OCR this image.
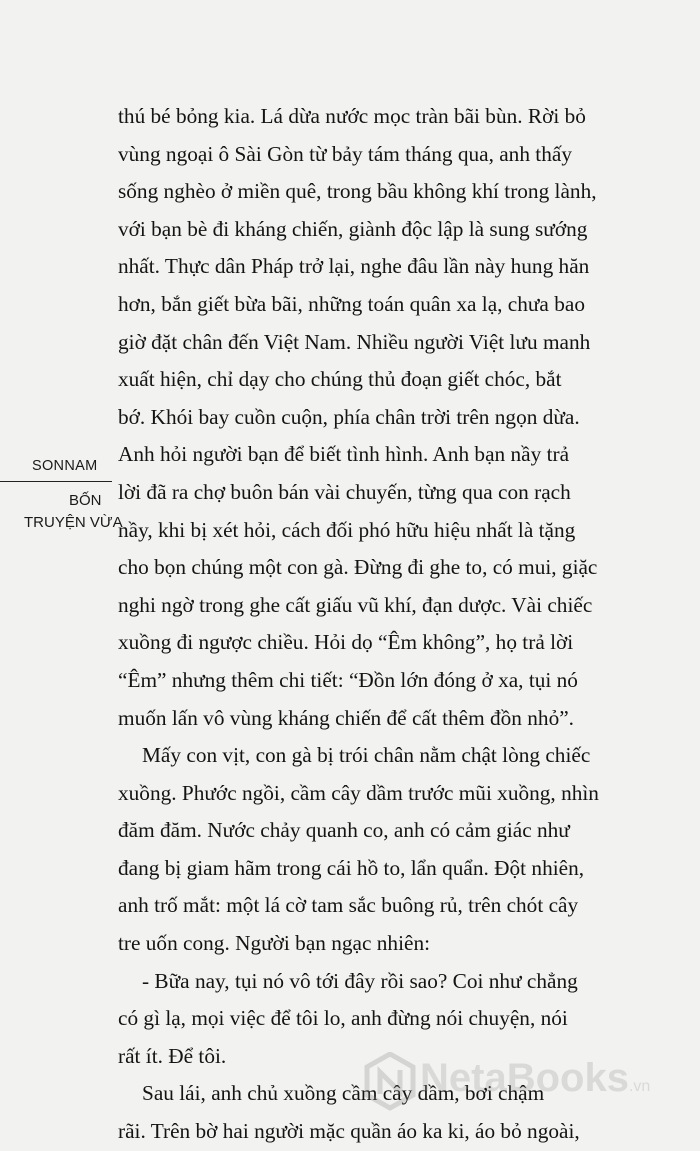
thú bé bỏng kia. Lá dừa nước mọc tràn bãi bùn. Rời bỏ
vùng ngoại ô Sài Gòn từ bảy tám tháng qua, anh thấy
sống nghèo ở miền quê, trong bầu không khí trong lành,
với bạn bè đi kháng chiến, giành độc lập là sung sướng
nhất. Thực dân Pháp trở lại, nghe đâu lần này hung hăn
hơn, bắn giết bừa bãi, những toán quân xa lạ, chưa bao
giờ đặt chân đến Việt Nam. Nhiều người Việt lưu manh
xuất hiện, chỉ dạy cho chúng thủ đoạn giết chóc, bắt
bớ. Khói bay cuồn cuộn, phía chân trời trên ngọn dừa.
Anh hỏi người bạn để biết tình hình. Anh bạn nầy trả
lời đã ra chợ buôn bán vài chuyến, từng qua con rạch
nầy, khi bị xét hỏi, cách đối phó hữu hiệu nhất là tặng
cho bọn chúng một con gà. Đừng đi ghe to, có mui, giặc
nghi ngờ trong ghe cất giấu vũ khí, đạn dược. Vài chiếc
xuồng đi ngược chiều. Hỏi dọ “Êm không”, họ trả lời
“Êm” nhưng thêm chi tiết: “Đồn lớn đóng ở xa, tụi nó
muốn lấn vô vùng kháng chiến để cất thêm đồn nhỏ”.
Mấy con vịt, con gà bị trói chân nằm chật lòng chiếc
xuồng. Phước ngồi, cầm cây dầm trước mũi xuồng, nhìn
đăm đăm. Nước chảy quanh co, anh có cảm giác như
đang bị giam hãm trong cái hồ to, lẩn quẩn. Đột nhiên,
anh trố mắt: một lá cờ tam sắc buông rủ, trên chót cây
tre uốn cong. Người bạn ngạc nhiên:
- Bữa nay, tụi nó vô tới đây rồi sao? Coi như chẳng
có gì lạ, mọi việc để tôi lo, anh đừng nói chuyện, nói
rất ít. Để tôi.
Sau lái, anh chủ xuồng cầm cây dầm, bơi chậm
rãi. Trên bờ hai người mặc quần áo ka ki, áo bỏ ngoài,
SONNAM
BỐN
TRUYỆN VỪA
NetaBooks.vn
